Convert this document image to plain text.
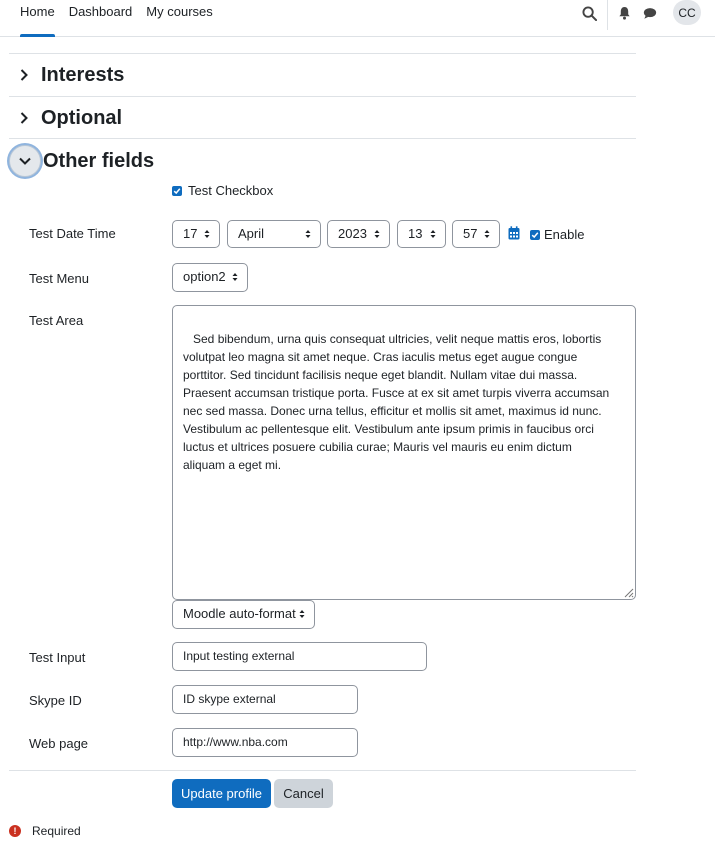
Home	Dashboard	My courses	CC
Interests
Optional
Other fields
Test Checkbox
Test Date Time	17	April	2023	13	57	Enable
Test Menu	option2
Test Area

Sed bibendum, urna quis consequat ultricies, velit neque mattis eros, lobortis
volutpat leo magna sit amet neque. Cras iaculis metus eget augue congue
porttitor. Sed tincidunt facilisis neque eget blandit. Nullam vitae dui massa.
Praesent accumsan tristique porta. Fusce at ex sit amet turpis viverra accumsan
nec sed massa. Donec urna tellus, efficitur et mollis sit amet, maximus id nunc.
Vestibulum ac pellentesque elit. Vestibulum ante ipsum primis in faucibus orci
luctus et ultrices posuere cubilia curae; Mauris vel mauris eu enim dictum
aliquam a eget mi.

Moodle auto-format
Test Input	Input testing external
Skype ID	ID skype external
Web page	http://www.nba.com
Update profile	Cancel
!	Required
